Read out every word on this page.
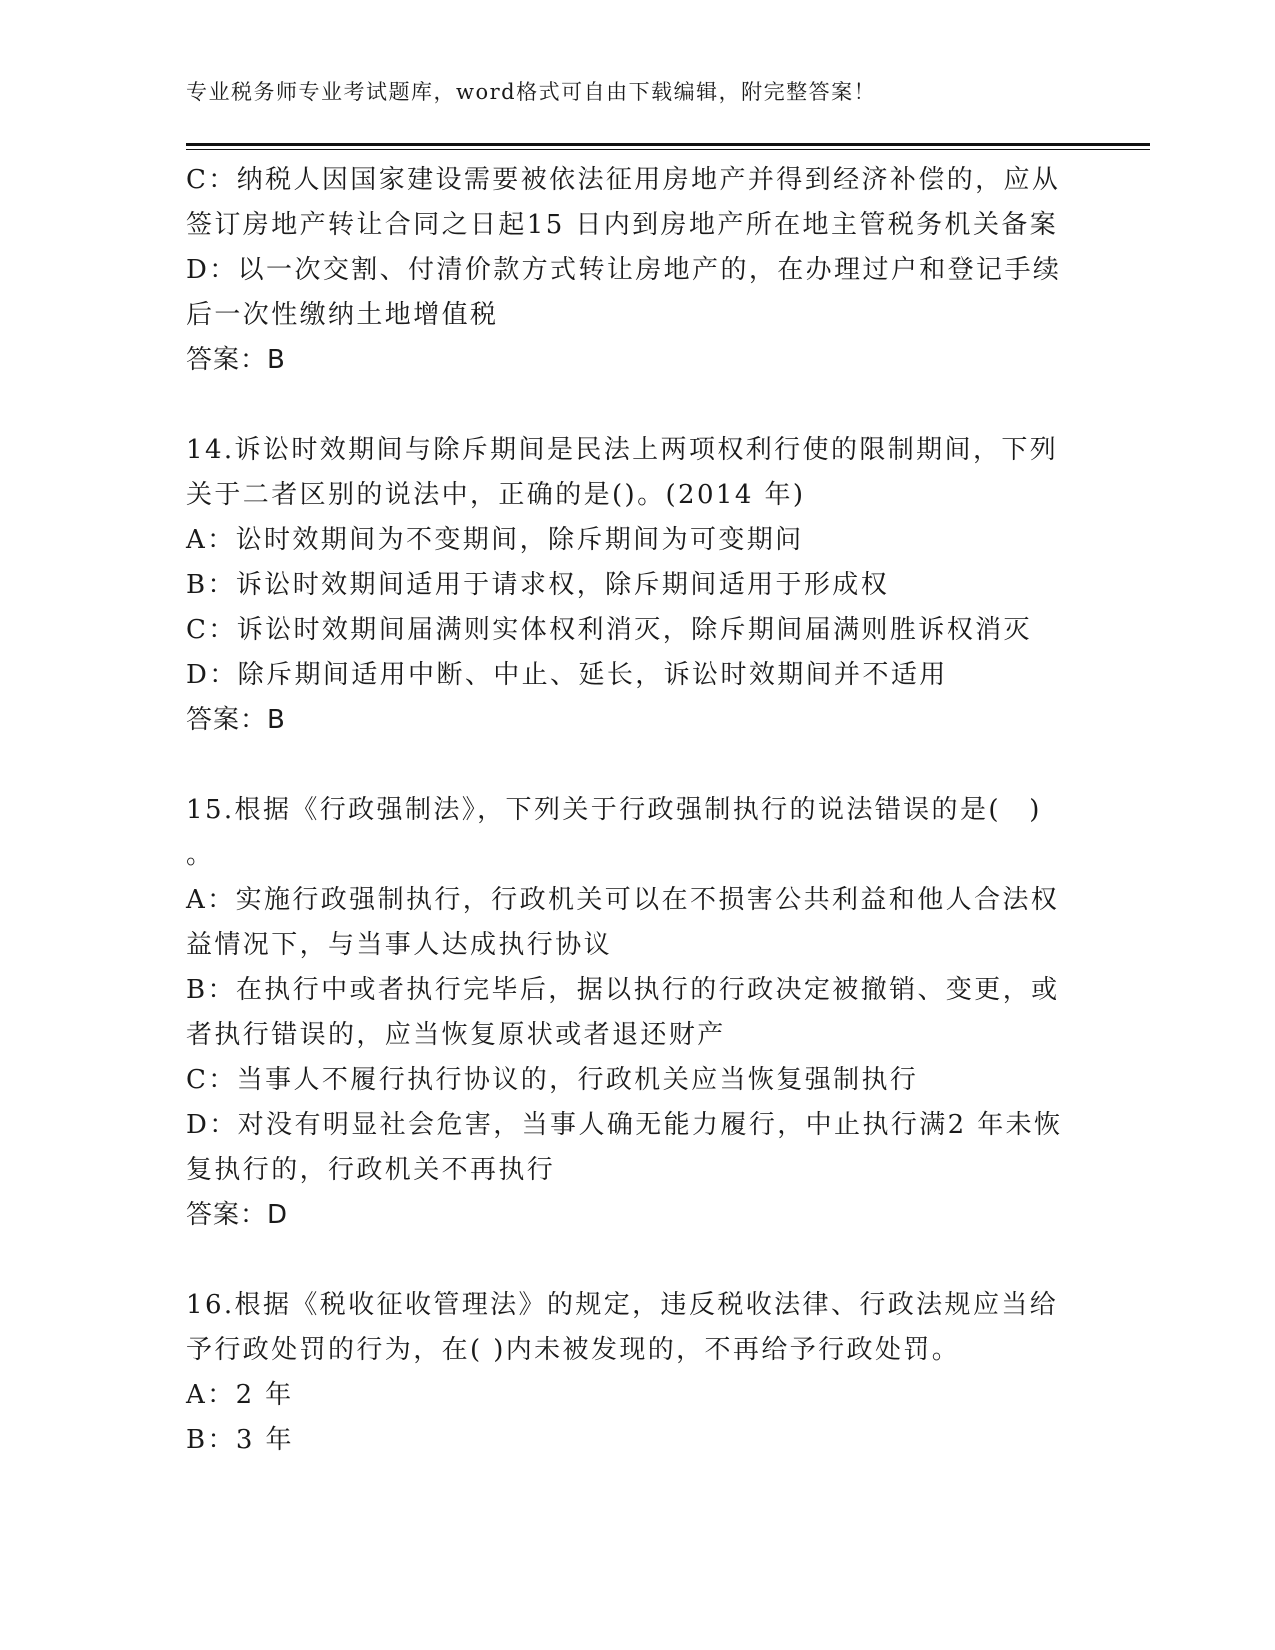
专业税务师专业考试题库，word格式可自由下载编辑，附完整答案！
C：纳税人因国家建设需要被依法征用房地产并得到经济补偿的，应从
签订房地产转让合同之日起15 日内到房地产所在地主管税务机关备案
D：以一次交割、付清价款方式转让房地产的，在办理过户和登记手续
后一次性缴纳土地增值税
答案：B
14.诉讼时效期间与除斥期间是民法上两项权利行使的限制期间，下列
关于二者区别的说法中，正确的是()。(2014 年)
A：讼时效期间为不变期间，除斥期间为可变期问
B：诉讼时效期间适用于请求权，除斥期间适用于形成权
C：诉讼时效期间届满则实体权利消灭，除斥期间届满则胜诉权消灭
D：除斥期间适用中断、中止、延长，诉讼时效期间并不适用
答案：B
15.根据《行政强制法》，下列关于行政强制执行的说法错误的是(　)
。
A：实施行政强制执行，行政机关可以在不损害公共利益和他人合法权
益情况下，与当事人达成执行协议
B：在执行中或者执行完毕后，据以执行的行政决定被撤销、变更，或
者执行错误的，应当恢复原状或者退还财产
C：当事人不履行执行协议的，行政机关应当恢复强制执行
D：对没有明显社会危害，当事人确无能力履行，中止执行满2 年未恢
复执行的，行政机关不再执行
答案：D
16.根据《税收征收管理法》的规定，违反税收法律、行政法规应当给
予行政处罚的行为，在( )内未被发现的，不再给予行政处罚。
A：2 年
B：3 年
